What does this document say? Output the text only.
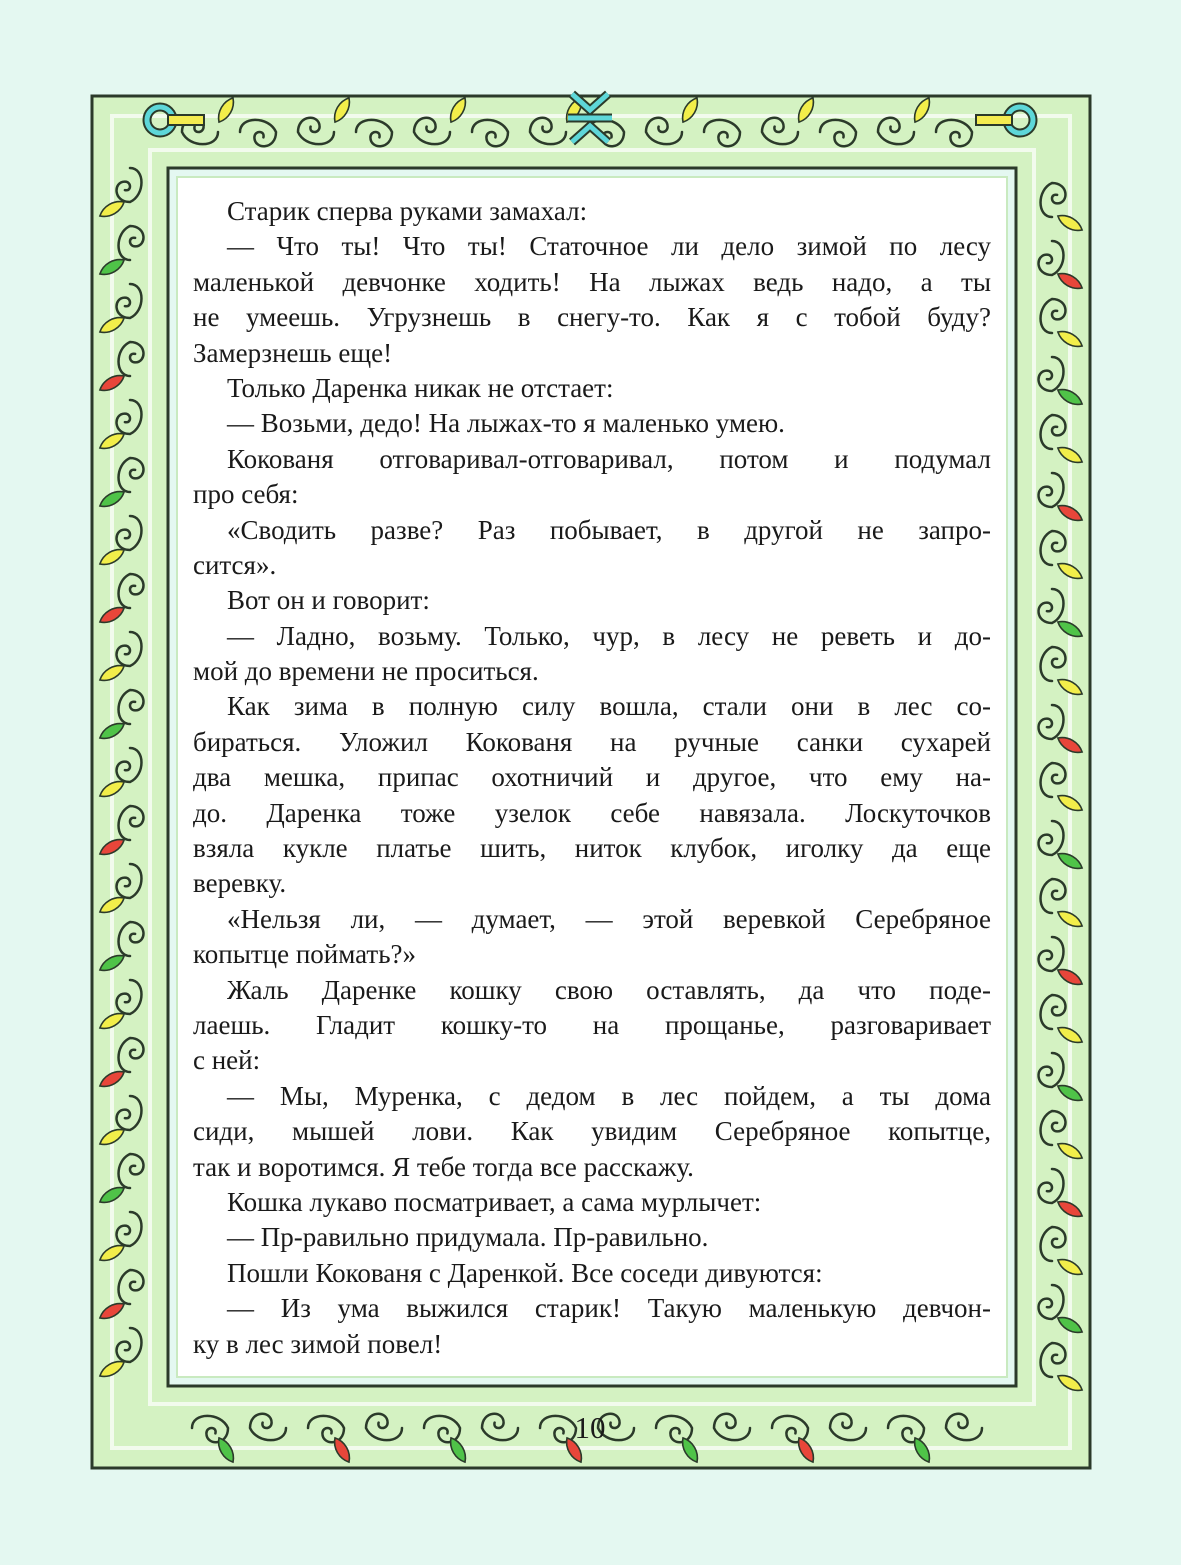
Старик сперва руками замахал:

— Что ты! Что ты! Статочное ли дело зимой по лесу

маленькой девчонке ходить! На лыжах ведь надо, а ты

не умеешь. Угрузнешь в снегу-то. Как я с тобой буду?

Замерзнешь еще!

Только Даренка никак не отстает:

— Возьми, дедо! На лыжах-то я маленько умею.

Кокованя отговаривал-отговаривал, потом и подумал

про себя:

«Сводить разве? Раз побывает, в другой не запро-

сится».

Вот он и говорит:

— Ладно, возьму. Только, чур, в лесу не реветь и до-

мой до времени не проситься.

Как зима в полную силу вошла, стали они в лес со-

бираться. Уложил Кокованя на ручные санки сухарей

два мешка, припас охотничий и другое, что ему на-

до. Даренка тоже узелок себе навязала. Лоскуточков

взяла кукле платье шить, ниток клубок, иголку да еще

веревку.

«Нельзя ли, — думает, — этой веревкой Серебряное

копытце поймать?»

Жаль Даренке кошку свою оставлять, да что поде-

лаешь. Гладит кошку-то на прощанье, разговаривает

с ней:

— Мы, Муренка, с дедом в лес пойдем, а ты дома

сиди, мышей лови. Как увидим Серебряное копытце,

так и воротимся. Я тебе тогда все расскажу.

Кошка лукаво посматривает, а сама мурлычет:

— Пр-равильно придумала. Пр-равильно.

Пошли Кокованя с Даренкой. Все соседи дивуются:

— Из ума выжился старик! Такую маленькую девчон-

ку в лес зимой повел!

10
